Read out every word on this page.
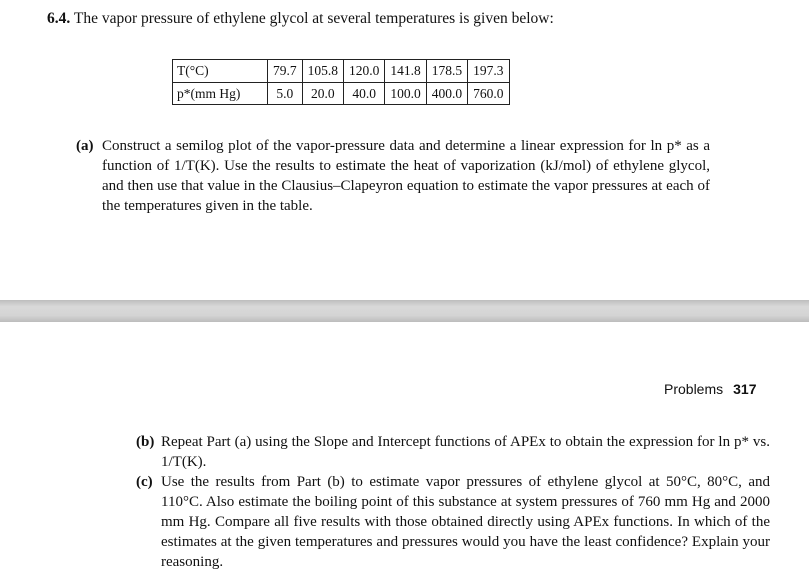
6.4. The vapor pressure of ethylene glycol at several temperatures is given below:
T(°C)	79.7	105.8	120.0	141.8	178.5	197.3
p*(mm Hg)	5.0	20.0	40.0	100.0	400.0	760.0
(a) Construct a semilog plot of the vapor-pressure data and determine a linear expression for ln p* as a function of 1/T(K). Use the results to estimate the heat of vaporization (kJ/mol) of ethylene glycol, and then use that value in the Clausius–Clapeyron equation to estimate the vapor pressures at each of the temperatures given in the table.
Problems 317
(b) Repeat Part (a) using the Slope and Intercept functions of APEx to obtain the expression for ln p* vs. 1/T(K).
(c) Use the results from Part (b) to estimate vapor pressures of ethylene glycol at 50°C, 80°C, and 110°C. Also estimate the boiling point of this substance at system pressures of 760 mm Hg and 2000 mm Hg. Compare all five results with those obtained directly using APEx functions. In which of the estimates at the given temperatures and pressures would you have the least confidence? Explain your reasoning.
